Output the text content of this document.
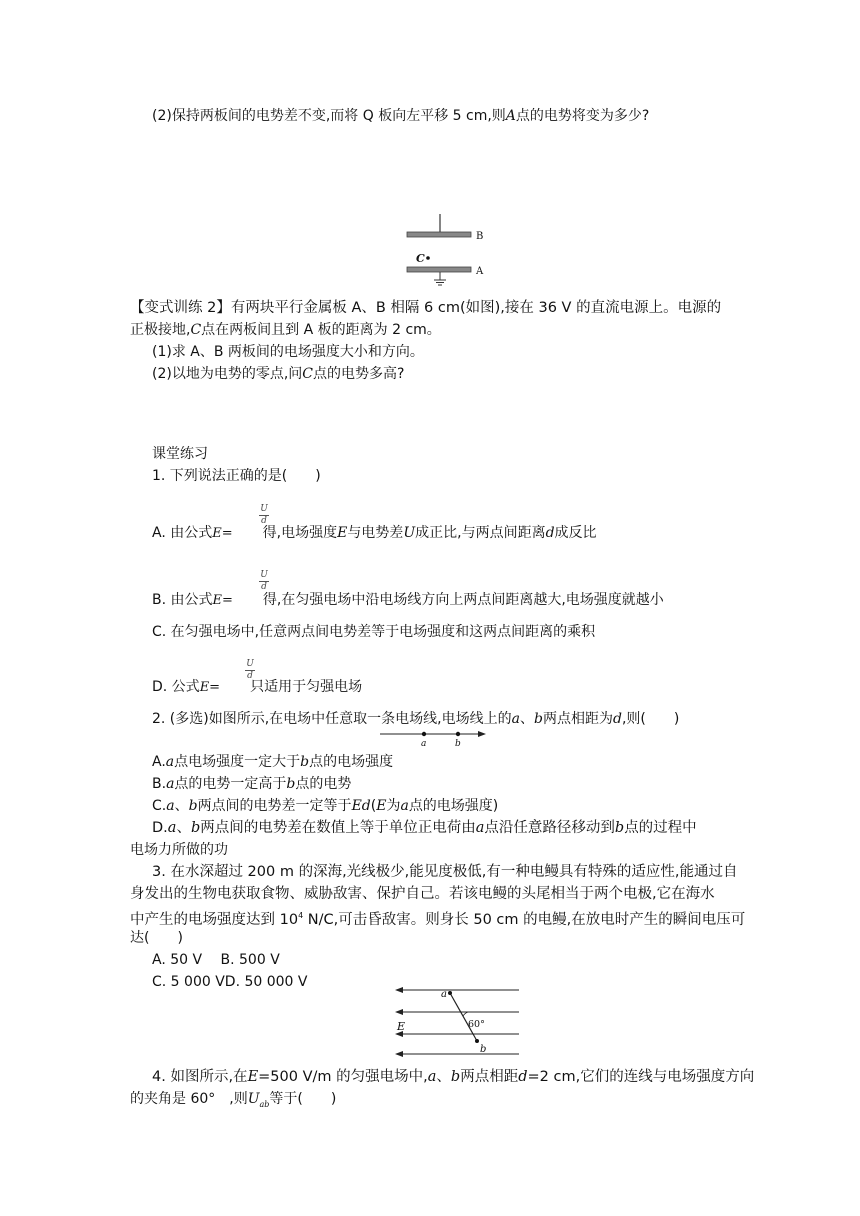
(2)保持两板间的电势差不变,而将 Q 板向左平移 5 cm,则A点的电势将变为多少?
B
C
A
【变式训练 2】有两块平行金属板 A、B 相隔 6 cm(如图),接在 36 V 的直流电源上。电源的
正极接地,C点在两板间且到 A 板的距离为 2 cm。
(1)求 A、B 两板间的电场强度大小和方向。
(2)以地为电势的零点,问C点的电势多高?
课堂练习
1. 下列说法正确的是(　　)
U
d
A. 由公式E= 得,电场强度E与电势差U成正比,与两点间距离d成反比
U
d
B. 由公式E= 得,在匀强电场中沿电场线方向上两点间距离越大,电场强度就越小
C. 在匀强电场中,任意两点间电势差等于电场强度和这两点间距离的乘积
U
d
D. 公式E= 只适用于匀强电场
2. (多选)如图所示,在电场中任意取一条电场线,电场线上的a、b两点相距为d,则(　　)
a	b
A.a点电场强度一定大于b点的电场强度
B.a点的电势一定高于b点的电势
C.a、b两点间的电势差一定等于Ed(E为a点的电场强度)
D.a、b两点间的电势差在数值上等于单位正电荷由a点沿任意路径移动到b点的过程中
电场力所做的功
3. 在水深超过 200 m 的深海,光线极少,能见度极低,有一种电鳗具有特殊的适应性,能通过自
身发出的生物电获取食物、威胁敌害、保护自己。若该电鳗的头尾相当于两个电极,它在海水
中产生的电场强度达到 $10^4$ N/C,可击昏敌害。则身长 50 cm 的电鳗,在放电时产生的瞬间电压可
达(　　)
A. 50 V　 B. 500 V
C. 5 000 VD. 50 000 V
a
b
E	60°
4. 如图所示,在E=500 V/m 的匀强电场中,a、b两点相距d=2 cm,它们的连线与电场强度方向
的夹角是 60°　,则$U_{ab}$等于(　　)
